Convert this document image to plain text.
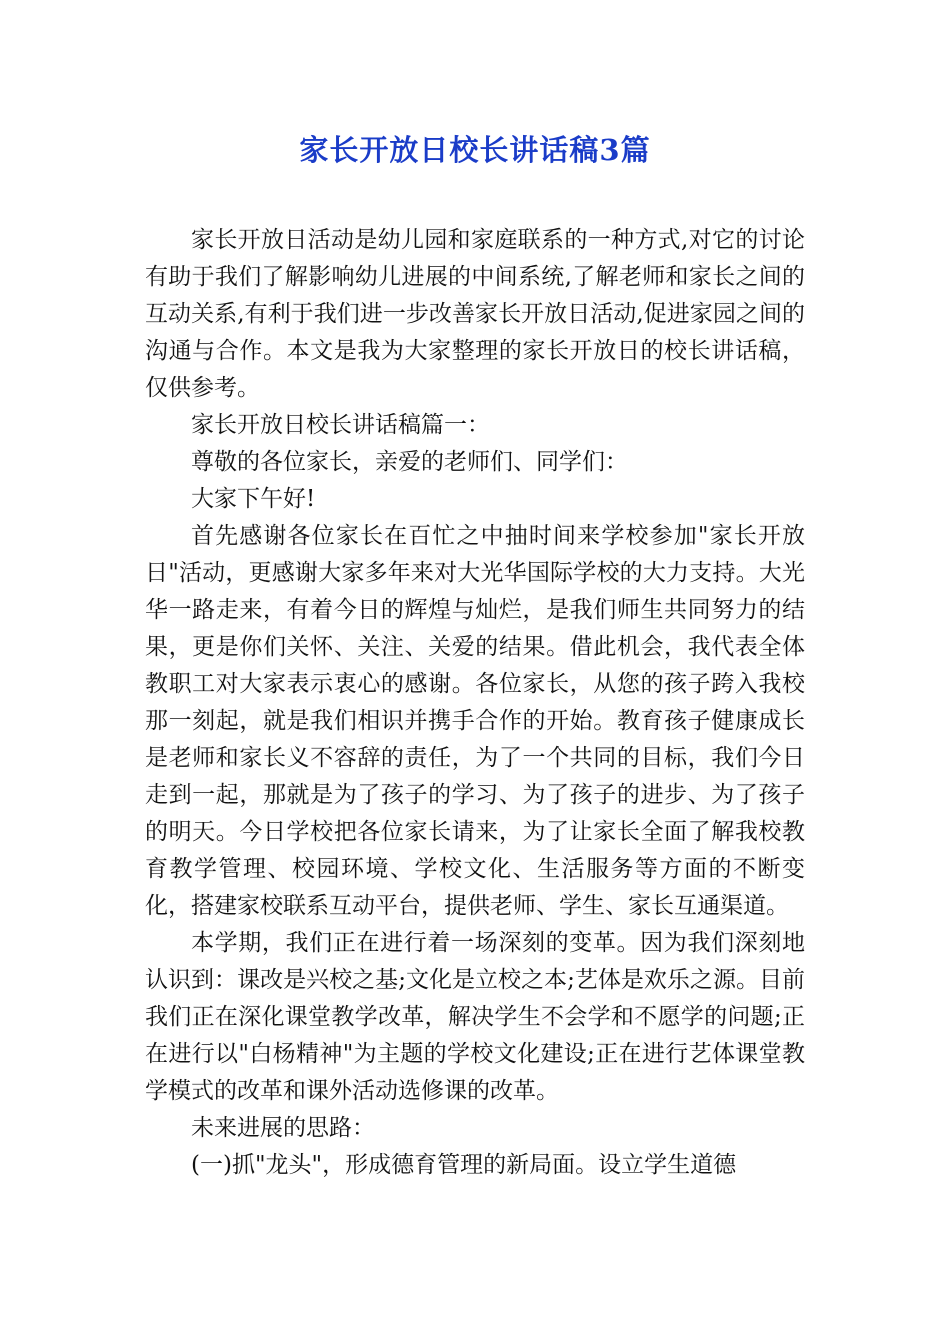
家长开放日校长讲话稿3篇

家长开放日活动是幼儿园和家庭联系的一种方式,对它的讨论有助于我们了解影响幼儿进展的中间系统,了解老师和家长之间的互动关系,有利于我们进一步改善家长开放日活动,促进家园之间的沟通与合作。本文是我为大家整理的家长开放日的校长讲话稿，仅供参考。

家长开放日校长讲话稿篇一：

尊敬的各位家长，亲爱的老师们、同学们：

大家下午好!

首先感谢各位家长在百忙之中抽时间来学校参加"家长开放日"活动，更感谢大家多年来对大光华国际学校的大力支持。大光华一路走来，有着今日的辉煌与灿烂，是我们师生共同努力的结果，更是你们关怀、关注、关爱的结果。借此机会，我代表全体教职工对大家表示衷心的感谢。各位家长，从您的孩子跨入我校那一刻起，就是我们相识并携手合作的开始。教育孩子健康成长是老师和家长义不容辞的责任，为了一个共同的目标，我们今日走到一起，那就是为了孩子的学习、为了孩子的进步、为了孩子的明天。今日学校把各位家长请来，为了让家长全面了解我校教育教学管理、校园环境、学校文化、生活服务等方面的不断变化，搭建家校联系互动平台，提供老师、学生、家长互通渠道。

本学期，我们正在进行着一场深刻的变革。因为我们深刻地认识到：课改是兴校之基;文化是立校之本;艺体是欢乐之源。目前我们正在深化课堂教学改革，解决学生不会学和不愿学的问题;正在进行以"白杨精神"为主题的学校文化建设;正在进行艺体课堂教学模式的改革和课外活动选修课的改革。

未来进展的思路：

(一)抓"龙头"，形成德育管理的新局面。设立学生道德
